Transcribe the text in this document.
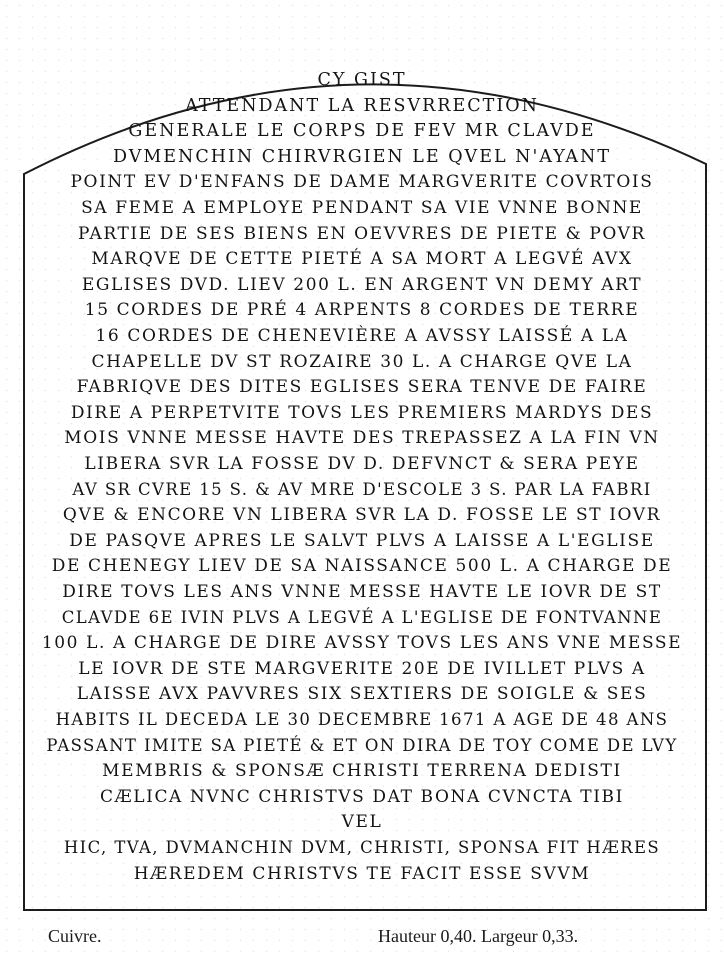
CY GIST
ATTENDANT LA RESVRRECTION
GENERALE LE CORPS DE FEV MR CLAVDE
DVMENCHIN CHIRVRGIEN LE QVEL N'AYANT
POINT EV D'ENFANS DE DAME MARGVERITE COVRTOIS
SA FEME A EMPLOYE PENDANT SA VIE VNNE BONNE
PARTIE DE SES BIENS EN OEVVRES DE PIETE & POVR
MARQVE DE CETTE PIETÉ A SA MORT A LEGVÉ AVX
EGLISES DVD. LIEV 200 L. EN ARGENT VN DEMY ART
15 CORDES DE PRÉ 4 ARPENTS 8 CORDES DE TERRE
16 CORDES DE CHENEVIÈRE A AVSSY LAISSÉ A LA
CHAPELLE DV ST ROZAIRE 30 L. A CHARGE QVE LA
FABRIQVE DES DITES EGLISES SERA TENVE DE FAIRE
DIRE A PERPETVITE TOVS LES PREMIERS MARDYS DES
MOIS VNNE MESSE HAVTE DES TREPASSEZ A LA FIN VN
LIBERA SVR LA FOSSE DV D. DEFVNCT & SERA PEYE
AV SR CVRE 15 S. & AV MRE D'ESCOLE 3 S. PAR LA FABRI
QVE & ENCORE VN LIBERA SVR LA D. FOSSE LE ST IOVR
DE PASQVE APRES LE SALVT PLVS A LAISSE A L'EGLISE
DE CHENEGY LIEV DE SA NAISSANCE 500 L. A CHARGE DE
DIRE TOVS LES ANS VNNE MESSE HAVTE LE IOVR DE ST
CLAVDE 6E IVIN PLVS A LEGVÉ A L'EGLISE DE FONTVANNE
100 L. A CHARGE DE DIRE AVSSY TOVS LES ANS VNE MESSE
LE IOVR DE STE MARGVERITE 20E DE IVILLET PLVS A
LAISSE AVX PAVVRES SIX SEXTIERS DE SOIGLE & SES
HABITS IL DECEDA LE 30 DECEMBRE 1671 A AGE DE 48 ANS
PASSANT IMITE SA PIETÉ & ET ON DIRA DE TOY COME DE LVY
MEMBRIS & SPONSÆ CHRISTI TERRENA DEDISTI
CÆLICA NVNC CHRISTVS DAT BONA CVNCTA TIBI
VEL
HIC, TVA, DVMANCHIN DVM, CHRISTI, SPONSA FIT HÆRES
HÆREDEM CHRISTVS TE FACIT ESSE SVVM
Cuivre.	Hauteur 0,40. Largeur 0,33.
